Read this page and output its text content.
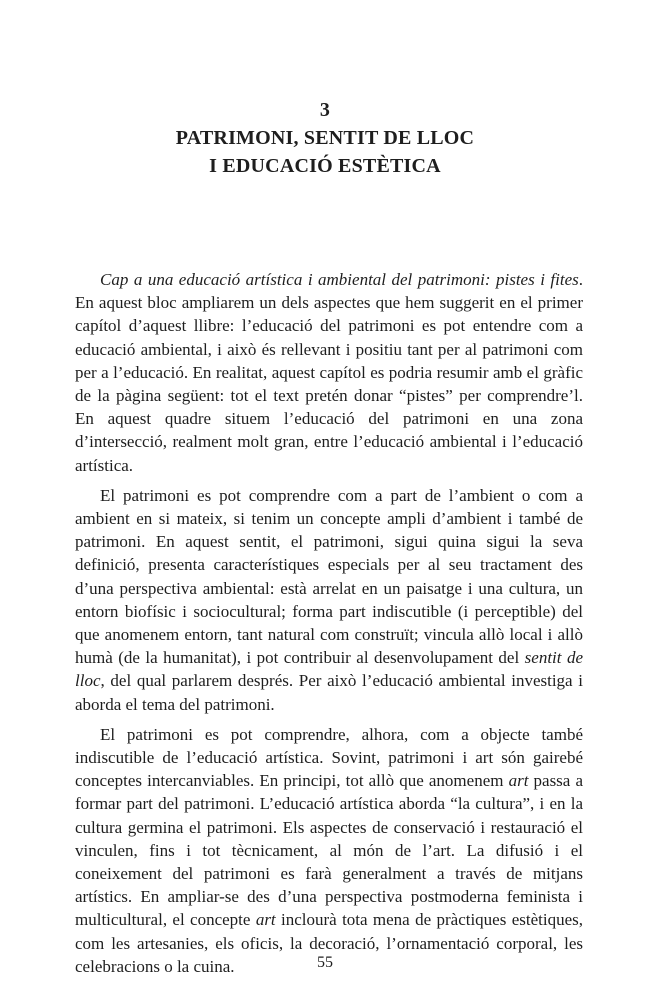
3
PATRIMONI, SENTIT DE LLOC
I EDUCACIÓ ESTÈTICA

Cap a una educació artística i ambiental del patrimoni: pistes i fites. En aquest bloc ampliarem un dels aspectes que hem suggerit en el primer capítol d’aquest llibre: l’educació del patrimoni es pot entendre com a educació ambiental, i això és rellevant i positiu tant per al patrimoni com per a l’educació. En realitat, aquest capítol es podria resumir amb el gràfic de la pàgina següent: tot el text pretén donar “pistes” per comprendre’l. En aquest quadre situem l’educació del patrimoni en una zona d’intersecció, realment molt gran, entre l’educació ambiental i l’educació artística.

El patrimoni es pot comprendre com a part de l’ambient o com a ambient en si mateix, si tenim un concepte ampli d’ambient i també de patrimoni. En aquest sentit, el patrimoni, sigui quina sigui la seva definició, presenta característiques especials per al seu tractament des d’una perspectiva ambiental: està arrelat en un paisatge i una cultura, un entorn biofísic i sociocultural; forma part indiscutible (i perceptible) del que anomenem entorn, tant natural com construït; vincula allò local i allò humà (de la humanitat), i pot contribuir al desenvolupament del sentit de lloc, del qual parlarem després. Per això l’educació ambiental investiga i aborda el tema del patrimoni.

El patrimoni es pot comprendre, alhora, com a objecte també indiscutible de l’educació artística. Sovint, patrimoni i art són gairebé conceptes intercanviables. En principi, tot allò que anomenem art passa a formar part del patrimoni. L’educació artística aborda “la cultura”, i en la cultura germina el patrimoni. Els aspectes de conservació i restauració el vinculen, fins i tot tècnicament, al món de l’art. La difusió i el coneixement del patrimoni es farà generalment a través de mitjans artístics. En ampliar-se des d’una perspectiva postmoderna feminista i multicultural, el concepte art inclourà tota mena de pràctiques estètiques, com les artesanies, els oficis, la decoració, l’ornamentació corporal, les celebracions o la cuina.	55
